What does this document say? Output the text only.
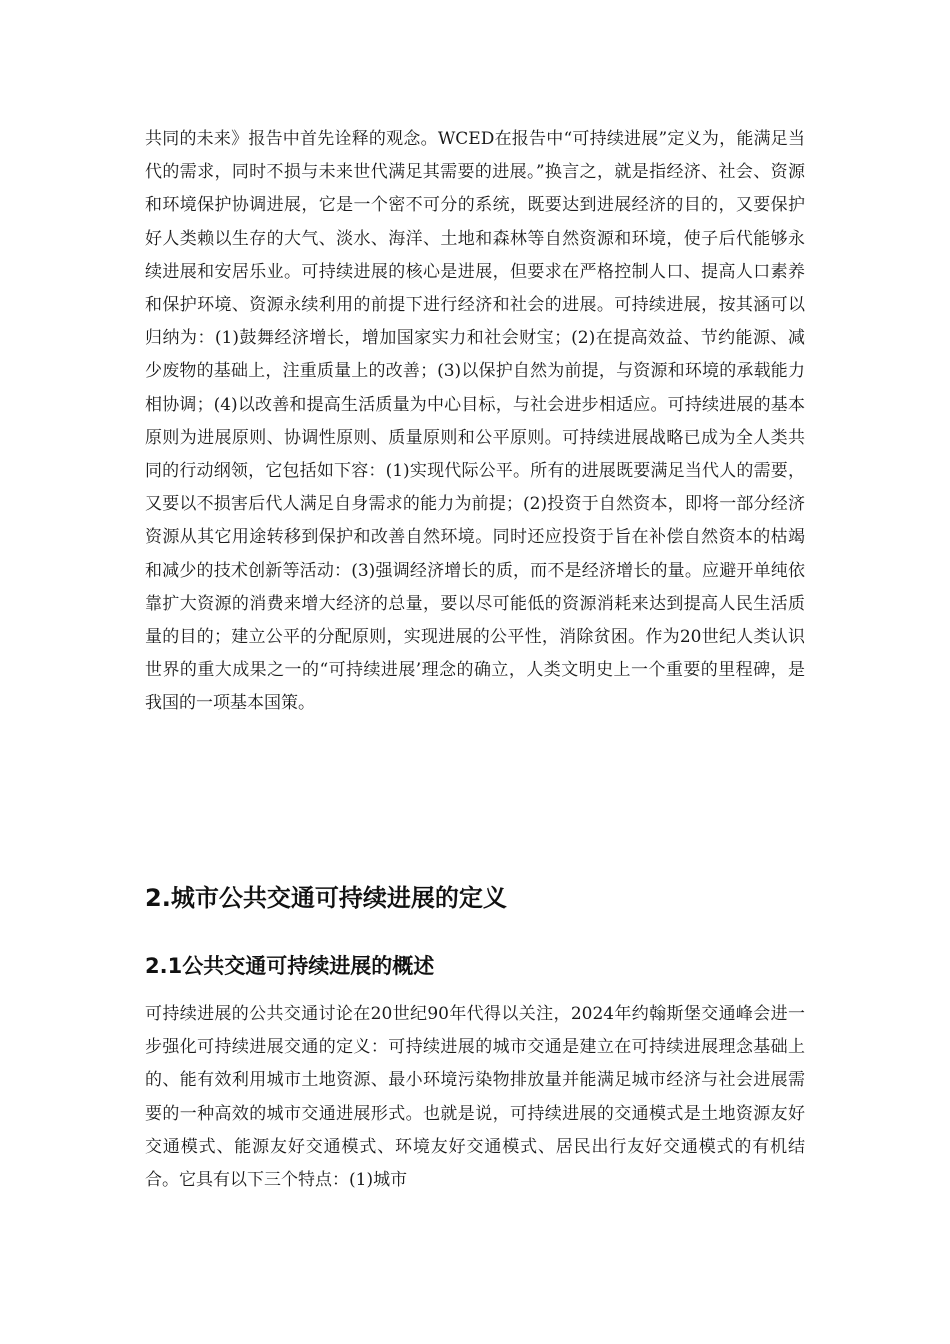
共同的未来》报告中首先诠释的观念。WCED在报告中“可持续进展”定义为，能满足当代的需求，同时不损与未来世代满足其需要的进展。”换言之，就是指经济、社会、资源和环境保护协调进展，它是一个密不可分的系统，既要达到进展经济的目的，又要保护好人类赖以生存的大气、淡水、海洋、土地和森林等自然资源和环境，使子后代能够永续进展和安居乐业。可持续进展的核心是进展，但要求在严格控制人口、提高人口素养和保护环境、资源永续利用的前提下进行经济和社会的进展。可持续进展，按其涵可以归纳为：(1)鼓舞经济增长，增加国家实力和社会财宝；(2)在提高效益、节约能源、减少废物的基础上，注重质量上的改善；(3)以保护自然为前提，与资源和环境的承载能力相协调；(4)以改善和提高生活质量为中心目标，与社会进步相适应。可持续进展的基本原则为进展原则、协调性原则、质量原则和公平原则。可持续进展战略已成为全人类共同的行动纲领，它包括如下容：(1)实现代际公平。所有的进展既要满足当代人的需要，又要以不损害后代人满足自身需求的能力为前提；(2)投资于自然资本，即将一部分经济资源从其它用途转移到保护和改善自然环境。同时还应投资于旨在补偿自然资本的枯竭和减少的技术创新等活动：(3)强调经济增长的质，而不是经济增长的量。应避开单纯依靠扩大资源的消费来增大经济的总量，要以尽可能低的资源消耗来达到提高人民生活质量的目的；建立公平的分配原则，实现进展的公平性，消除贫困。作为20世纪人类认识世界的重大成果之一的“可持续进展’理念的确立，人类文明史上一个重要的里程碑，是我国的一项基本国策。

2.城市公共交通可持续进展的定义
2.1公共交通可持续进展的概述

可持续进展的公共交通讨论在20世纪90年代得以关注，2024年约翰斯堡交通峰会进一步强化可持续进展交通的定义：可持续进展的城市交通是建立在可持续进展理念基础上的、能有效利用城市土地资源、最小环境污染物排放量并能满足城市经济与社会进展需要的一种高效的城市交通进展形式。也就是说，可持续进展的交通模式是土地资源友好交通模式、能源友好交通模式、环境友好交通模式、居民出行友好交通模式的有机结合。它具有以下三个特点：(1)城市
